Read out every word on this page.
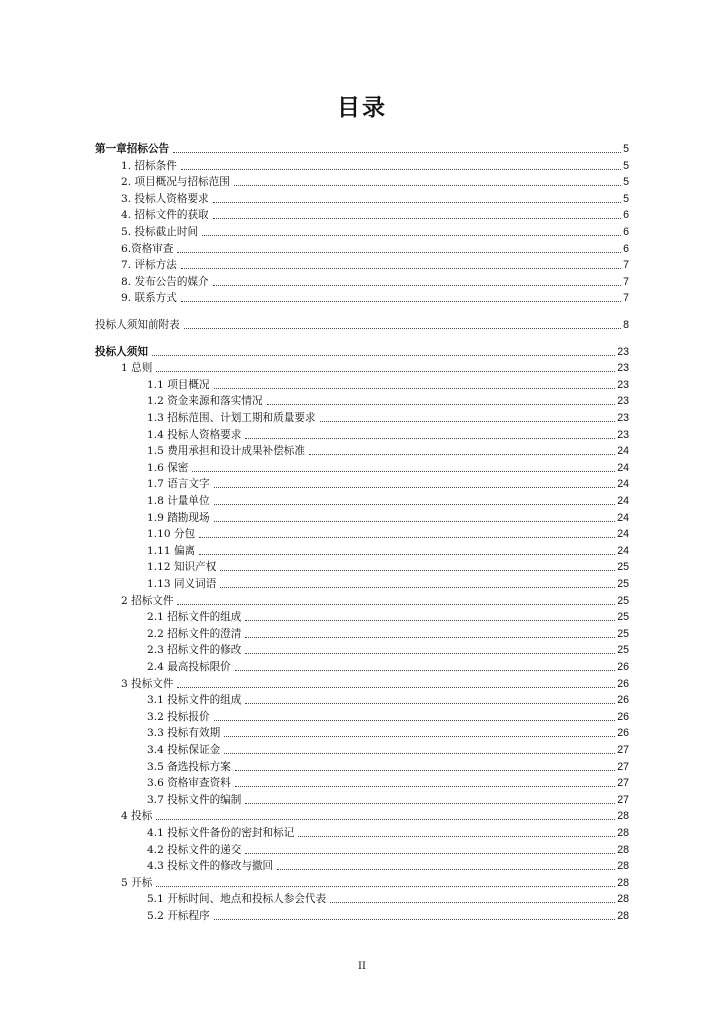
目录
第一章招标公告	5
1. 招标条件	5
2. 项目概况与招标范围	5
3. 投标人资格要求	5
4. 招标文件的获取	6
5. 投标截止时间	6
6.资格审查	6
7. 评标方法	7
8. 发布公告的媒介	7
9. 联系方式	7
投标人须知前附表	8
投标人须知	23
1 总则	23
1.1 项目概况	23
1.2 资金来源和落实情况	23
1.3 招标范围、计划工期和质量要求	23
1.4 投标人资格要求	23
1.5 费用承担和设计成果补偿标准	24
1.6 保密	24
1.7 语言文字	24
1.8 计量单位	24
1.9 踏勘现场	24
1.10 分包	24
1.11 偏离	24
1.12 知识产权	25
1.13 同义词语	25
2 招标文件	25
2.1 招标文件的组成	25
2.2 招标文件的澄清	25
2.3 招标文件的修改	25
2.4 最高投标限价	26
3 投标文件	26
3.1 投标文件的组成	26
3.2 投标报价	26
3.3 投标有效期	26
3.4 投标保证金	27
3.5 备选投标方案	27
3.6 资格审查资料	27
3.7 投标文件的编制	27
4 投标	28
4.1 投标文件备份的密封和标记	28
4.2 投标文件的递交	28
4.3 投标文件的修改与撤回	28
5 开标	28
5.1 开标时间、地点和投标人参会代表	28
5.2 开标程序	28
II
